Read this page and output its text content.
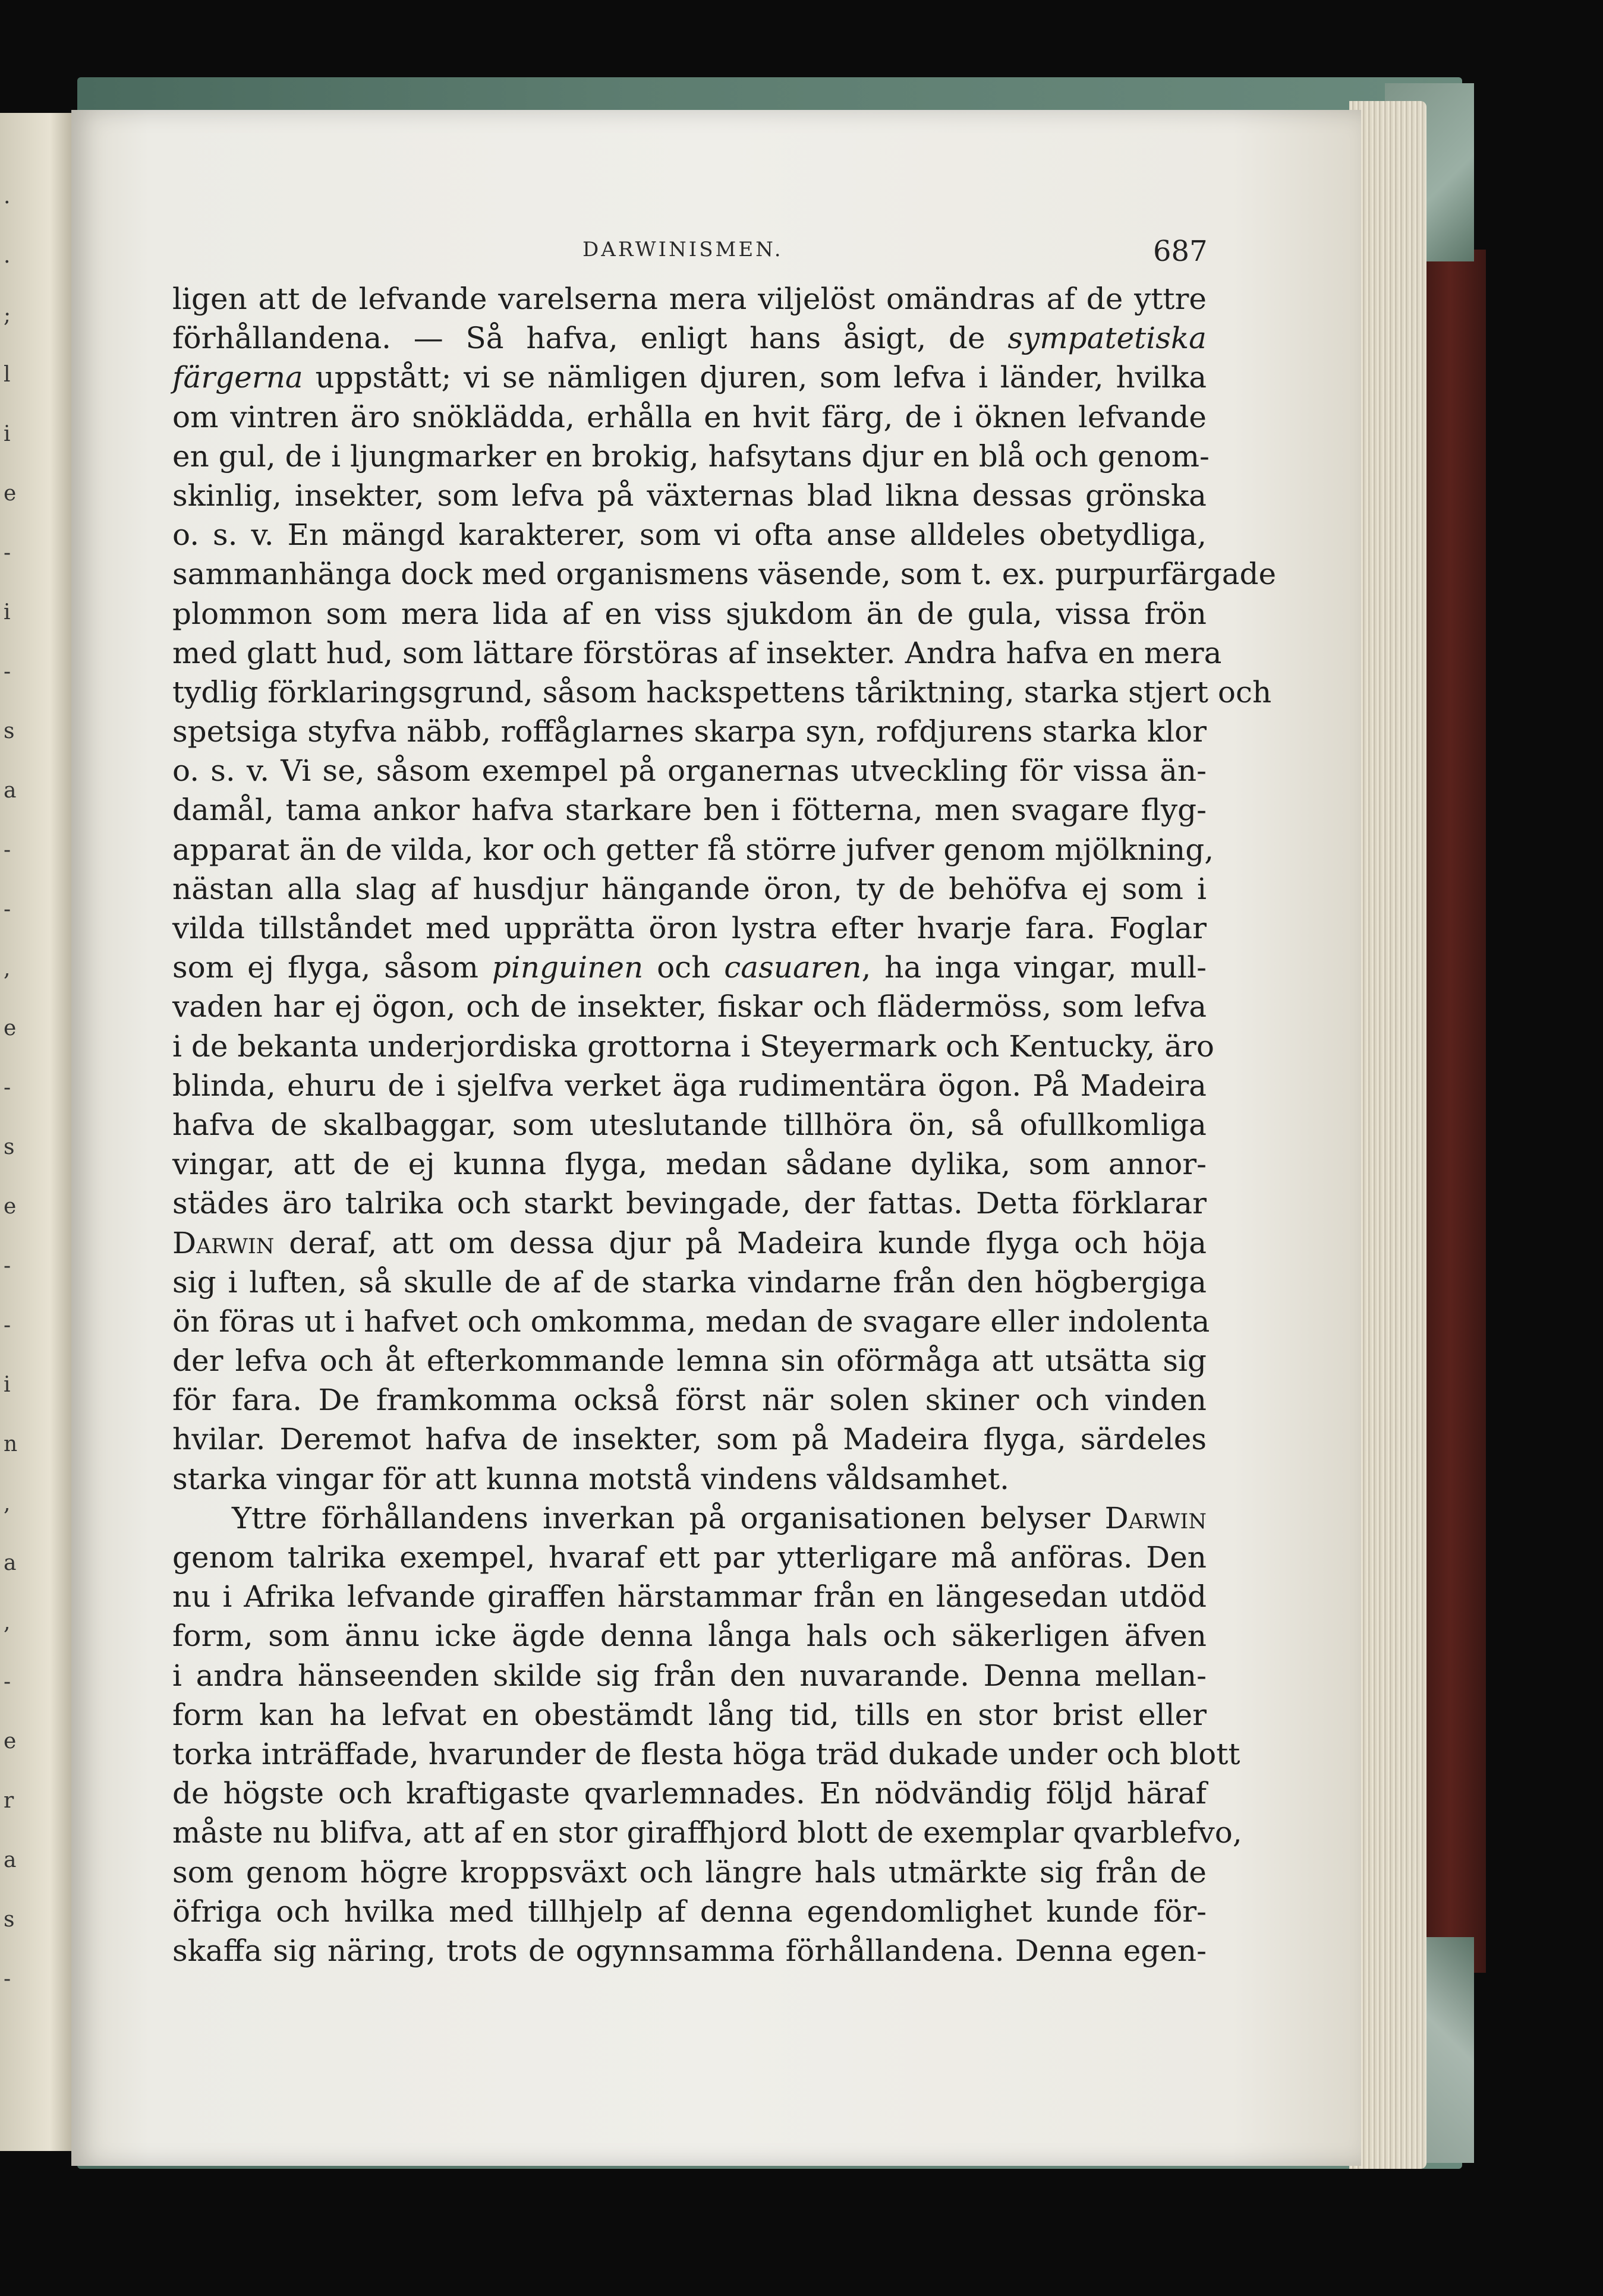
.
.
;
l
i
e
-
i
-
s
a
-
-
,
e
-
s
e
-
-
i
n
,
a
,
-
e
r
a
s
-
DARWINISMEN.	687
ligen att de lefvande varelserna mera viljelöst omändras af de yttre
förhållandena. — Så hafva, enligt hans åsigt, de sympatetiska
färgerna uppstått; vi se nämligen djuren, som lefva i länder, hvilka
om vintren äro snöklädda, erhålla en hvit färg, de i öknen lefvande
en gul, de i ljungmarker en brokig, hafsytans djur en blå och genom-
skinlig, insekter, som lefva på växternas blad likna dessas grönska
o. s. v. En mängd karakterer, som vi ofta anse alldeles obetydliga,
sammanhänga dock med organismens väsende, som t. ex. purpurfärgade
plommon som mera lida af en viss sjukdom än de gula, vissa frön
med glatt hud, som lättare förstöras af insekter. Andra hafva en mera
tydlig förklaringsgrund, såsom hackspettens tåriktning, starka stjert och
spetsiga styfva näbb, roffåglarnes skarpa syn, rofdjurens starka klor
o. s. v. Vi se, såsom exempel på organernas utveckling för vissa än-
damål, tama ankor hafva starkare ben i fötterna, men svagare flyg-
apparat än de vilda, kor och getter få större jufver genom mjölkning,
nästan alla slag af husdjur hängande öron, ty de behöfva ej som i
vilda tillståndet med upprätta öron lystra efter hvarje fara. Foglar
som ej flyga, såsom pinguinen och casuaren, ha inga vingar, mull-
vaden har ej ögon, och de insekter, fiskar och flädermöss, som lefva
i de bekanta underjordiska grottorna i Steyermark och Kentucky, äro
blinda, ehuru de i sjelfva verket äga rudimentära ögon. På Madeira
hafva de skalbaggar, som uteslutande tillhöra ön, så ofullkomliga
vingar, att de ej kunna flyga, medan sådane dylika, som annor-
städes äro talrika och starkt bevingade, der fattas. Detta förklarar
Darwin deraf, att om dessa djur på Madeira kunde flyga och höja
sig i luften, så skulle de af de starka vindarne från den högbergiga
ön föras ut i hafvet och omkomma, medan de svagare eller indolenta
der lefva och åt efterkommande lemna sin oförmåga att utsätta sig
för fara. De framkomma också först när solen skiner och vinden
hvilar. Deremot hafva de insekter, som på Madeira flyga, särdeles
starka vingar för att kunna motstå vindens våldsamhet.
Yttre förhållandens inverkan på organisationen belyser Darwin
genom talrika exempel, hvaraf ett par ytterligare må anföras. Den
nu i Afrika lefvande giraffen härstammar från en längesedan utdöd
form, som ännu icke ägde denna långa hals och säkerligen äfven
i andra hänseenden skilde sig från den nuvarande. Denna mellan-
form kan ha lefvat en obestämdt lång tid, tills en stor brist eller
torka inträffade, hvarunder de flesta höga träd dukade under och blott
de högste och kraftigaste qvarlemnades. En nödvändig följd häraf
måste nu blifva, att af en stor giraffhjord blott de exemplar qvarblefvo,
som genom högre kroppsväxt och längre hals utmärkte sig från de
öfriga och hvilka med tillhjelp af denna egendomlighet kunde för-
skaffa sig näring, trots de ogynnsamma förhållandena. Denna egen-
